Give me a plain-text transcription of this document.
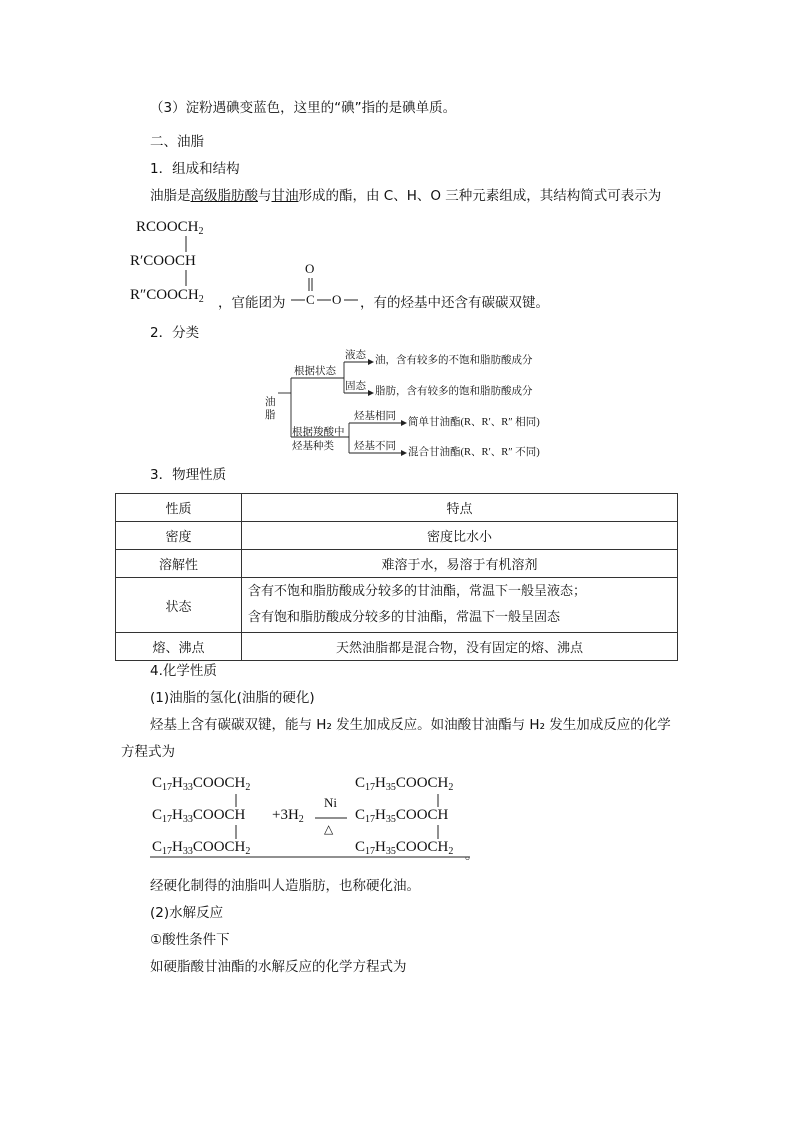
（3）淀粉遇碘变蓝色，这里的“碘”指的是碘单质。
二、油脂
1．组成和结构
油脂是高级脂肪酸与甘油形成的酯，由 C、H、O 三种元素组成，其结构简式可表示为
$RCOOCH_2$
R′COOCH
$R''COOCH_2$ ，官能团为
O
C O ，有的烃基中还含有碳碳双键。
2．分类
油
脂
根据状态
液态 油，含有较多的不饱和脂肪酸成分
固态 脂肪，含有较多的饱和脂肪酸成分
根据羧酸中
烃基种类
烃基相同
简单甘油酯(R、R′、R″ 相同)
烃基不同
混合甘油酯(R、R′、R″ 不同)
3．物理性质
性质	特点
密度	密度比水小
溶解性	难溶于水，易溶于有机溶剂
状态	含有不饱和脂肪酸成分较多的甘油酯，常温下一般呈液态；
含有饱和脂肪酸成分较多的甘油酯，常温下一般呈固态

熔、沸点	天然油脂都是混合物，没有固定的熔、沸点
4.化学性质
(1)油脂的氢化(油脂的硬化)
烃基上含有碳碳双键，能与 H₂ 发生加成反应。如油酸甘油酯与 H₂ 发生加成反应的化学
方程式为
$C_{17}H_{33}COOCH_2$
$C_{17}H_{33}COOCH$
$C_{17}H_{33}COOCH_2$
$C_{17}H_{35}COOCH_2$
$C_{17}H_{35}COOCH$
$C_{17}H_{35}COOCH_2$
$+3H_2$
Ni
△
。
经硬化制得的油脂叫人造脂肪，也称硬化油。
(2)水解反应
①酸性条件下
如硬脂酸甘油酯的水解反应的化学方程式为
